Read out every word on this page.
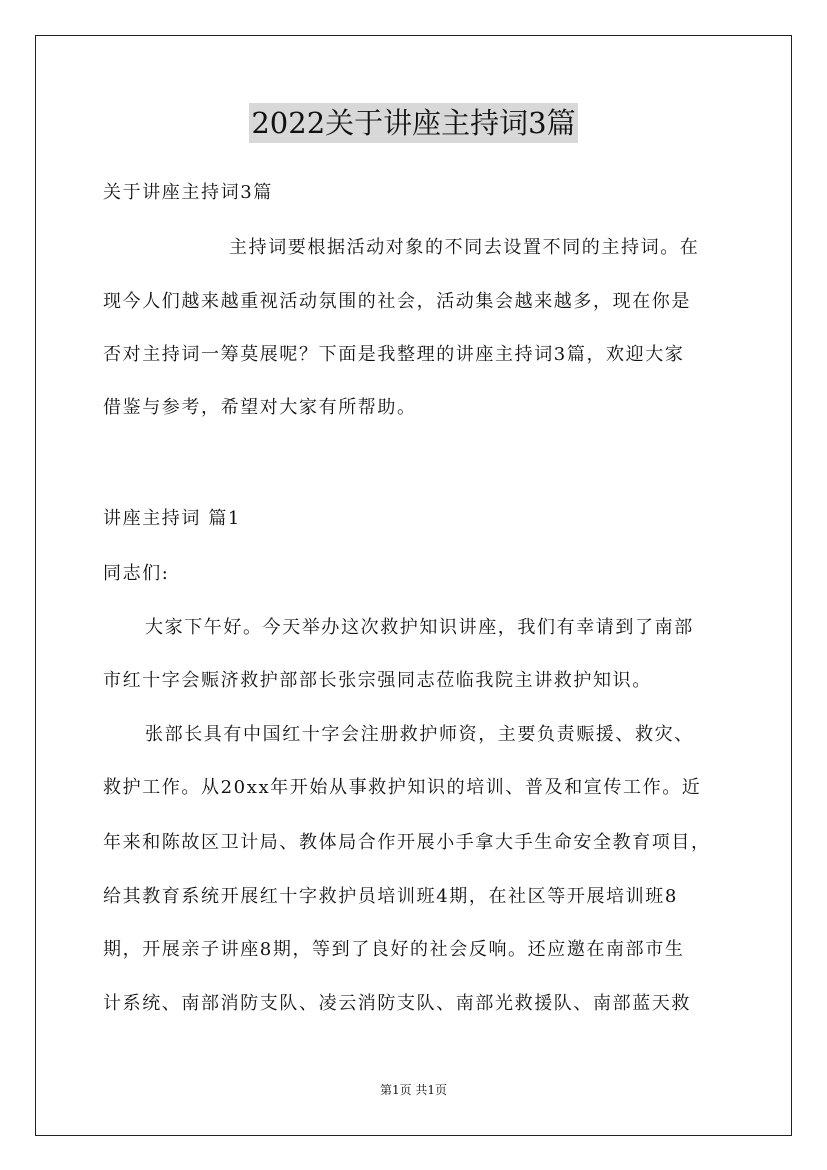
2022关于讲座主持词3篇
关于讲座主持词3篇
主持词要根据活动对象的不同去设置不同的主持词。在
现今人们越来越重视活动氛围的社会，活动集会越来越多，现在你是
否对主持词一筹莫展呢？下面是我整理的讲座主持词3篇，欢迎大家
借鉴与参考，希望对大家有所帮助。
讲座主持词 篇1
同志们:
大家下午好。今天举办这次救护知识讲座，我们有幸请到了南部
市红十字会赈济救护部部长张宗强同志莅临我院主讲救护知识。
张部长具有中国红十字会注册救护师资，主要负责赈援、救灾、
救护工作。从20xx年开始从事救护知识的培训、普及和宣传工作。近
年来和陈故区卫计局、教体局合作开展小手拿大手生命安全教育项目，
给其教育系统开展红十字救护员培训班4期，在社区等开展培训班8
期，开展亲子讲座8期，等到了良好的社会反响。还应邀在南部市生
计系统、南部消防支队、凌云消防支队、南部光救援队、南部蓝天救
第1页 共1页
